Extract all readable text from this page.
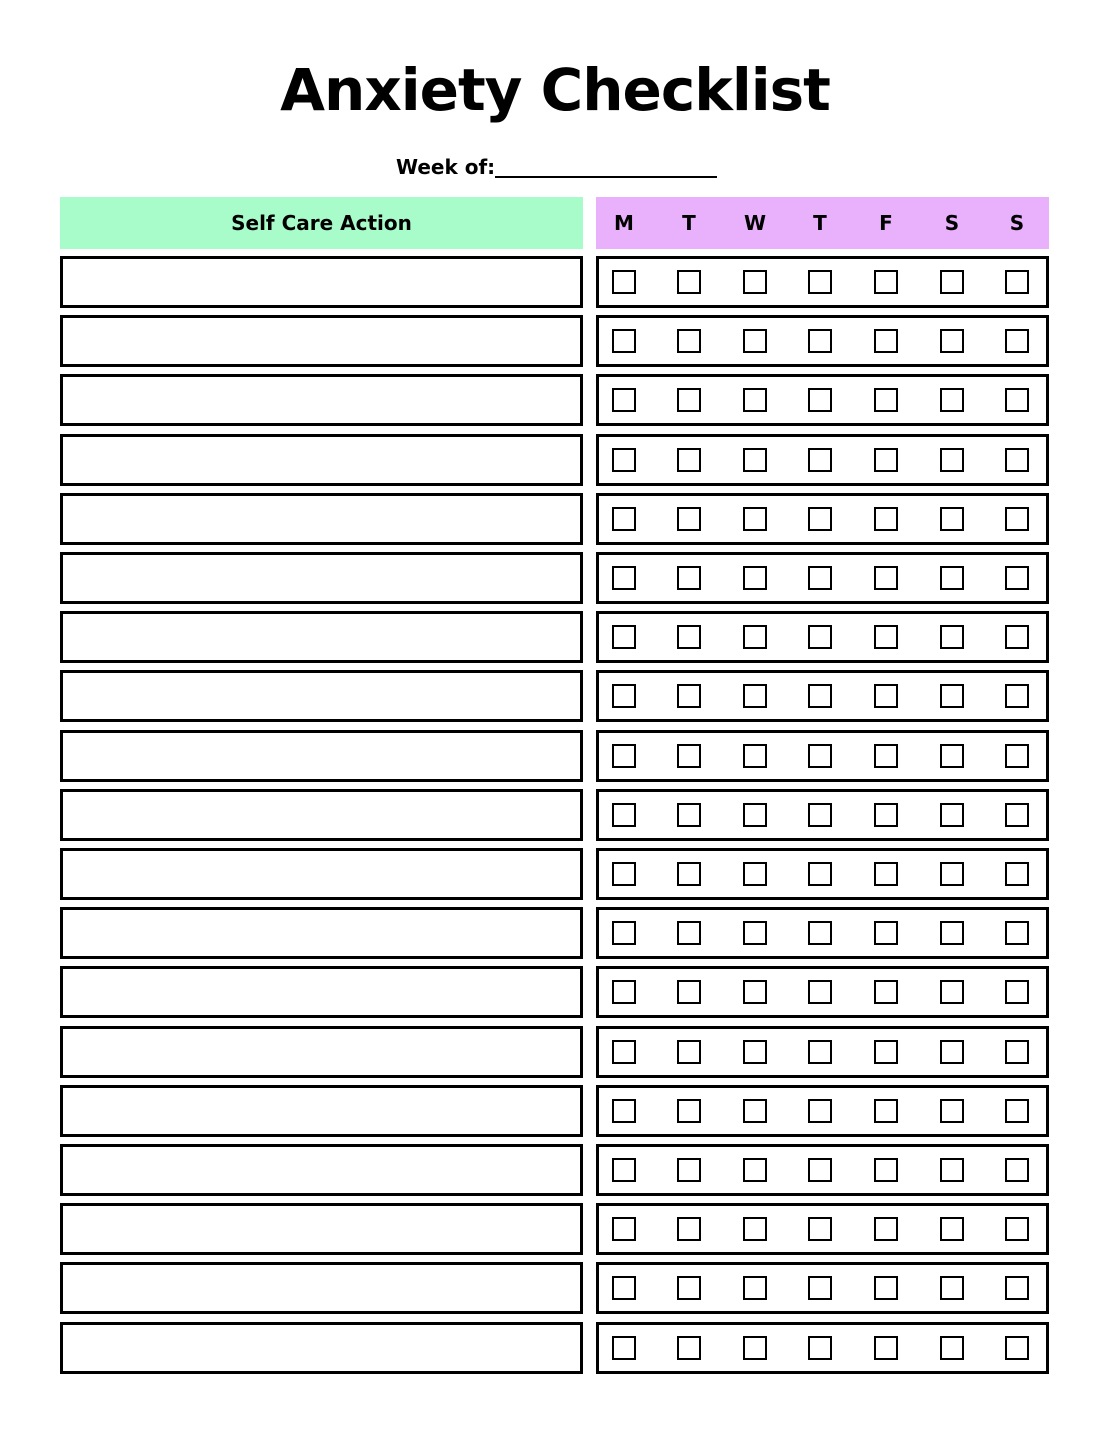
Anxiety Checklist
Week of:
Self Care Action	M	T	W	T	F	S	S
